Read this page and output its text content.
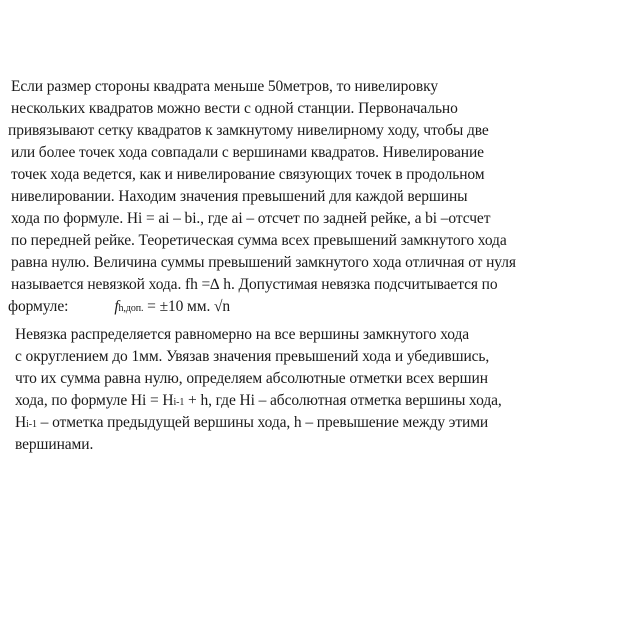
Если размер стороны квадрата меньше 50метров, то нивелировку
нескольких квадратов можно вести с одной станции. Первоначально
привязывают сетку квадратов к замкнутому нивелирному ходу, чтобы две
или более точек хода совпадали с вершинами квадратов. Нивелирование
точек хода ведется, как и нивелирование связующих точек в продольном
нивелировании. Находим значения превышений для каждой вершины
хода по формуле. Hi = ai – bi., где ai – отсчет по задней рейке, а bi –отсчет
по передней рейке. Теоретическая сумма всех превышений замкнутого хода
равна нулю. Величина суммы превышений замкнутого хода отличная от нуля
называется невязкой хода. fh =∆ h. Допустимая невязка подсчитывается по
формуле:	fh,доп. = ±10 мм. √n
Невязка распределяется равномерно на все вершины замкнутого хода
с округлением до 1мм. Увязав значения превышений хода и убедившись,
что их сумма равна нулю, определяем абсолютные отметки всех вершин
хода, по формуле Hi = Hi-1 + h, где Hi – абсолютная отметка вершины хода,
Hi-1 – отметка предыдущей вершины хода, h – превышение между этими
вершинами.
